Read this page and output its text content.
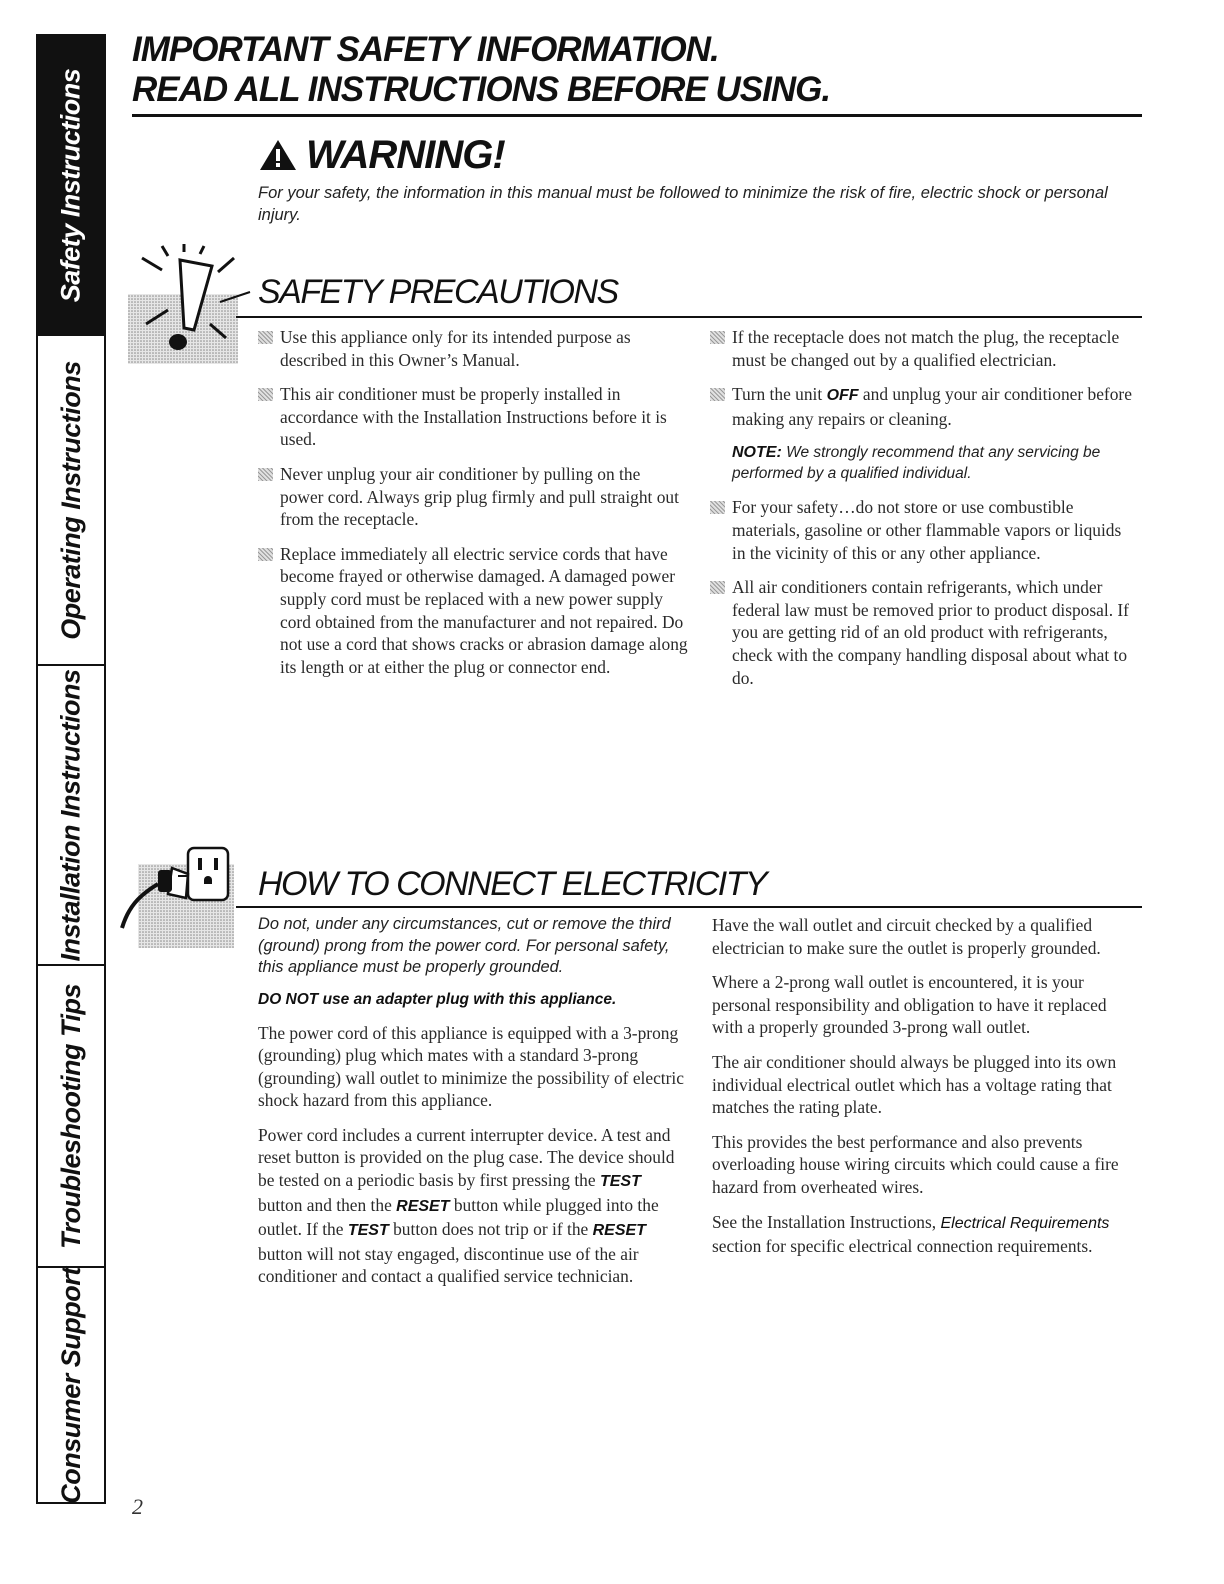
Safety Instructions
Operating Instructions
Installation Instructions
Troubleshooting Tips
Consumer Support
IMPORTANT SAFETY INFORMATION.
READ ALL INSTRUCTIONS BEFORE USING.
WARNING!
For your safety, the information in this manual must be followed to minimize the risk of fire, electric shock or personal injury.
SAFETY PRECAUTIONS
Use this appliance only for its intended purpose as described in this Owner’s Manual.
This air conditioner must be properly installed in accordance with the Installation Instructions before it is used.
Never unplug your air conditioner by pulling on the power cord. Always grip plug firmly and pull straight out from the receptacle.
Replace immediately all electric service cords that have become frayed or otherwise damaged. A damaged power supply cord must be replaced with a new power supply cord obtained from the manufacturer and not repaired. Do not use a cord that shows cracks or abrasion damage along its length or at either the plug or connector end.
If the receptacle does not match the plug, the receptacle must be changed out by a qualified electrician.
Turn the unit OFF and unplug your air conditioner before making any repairs or cleaning.
NOTE: We strongly recommend that any servicing be performed by a qualified individual.
For your safety…do not store or use combustible materials, gasoline or other flammable vapors or liquids in the vicinity of this or any other appliance.
All air conditioners contain refrigerants, which under federal law must be removed prior to product disposal. If you are getting rid of an old product with refrigerants, check with the company handling disposal about what to do.
HOW TO CONNECT ELECTRICITY
Do not, under any circumstances, cut or remove the third (ground) prong from the power cord. For personal safety, this appliance must be properly grounded.
DO NOT use an adapter plug with this appliance.

The power cord of this appliance is equipped with a 3-prong (grounding) plug which mates with a standard 3-prong (grounding) wall outlet to minimize the possibility of electric shock hazard from this appliance.

Power cord includes a current interrupter device. A test and reset button is provided on the plug case. The device should be tested on a periodic basis by first pressing the TEST button and then the RESET button while plugged into the outlet. If the TEST button does not trip or if the RESET button will not stay engaged, discontinue use of the air conditioner and contact a qualified service technician.

Have the wall outlet and circuit checked by a qualified electrician to make sure the outlet is properly grounded.

Where a 2-prong wall outlet is encountered, it is your personal responsibility and obligation to have it replaced with a properly grounded 3-prong wall outlet.

The air conditioner should always be plugged into its own individual electrical outlet which has a voltage rating that matches the rating plate.

This provides the best performance and also prevents overloading house wiring circuits which could cause a fire hazard from overheated wires.

See the Installation Instructions, Electrical Requirements section for specific electrical connection requirements.

2
